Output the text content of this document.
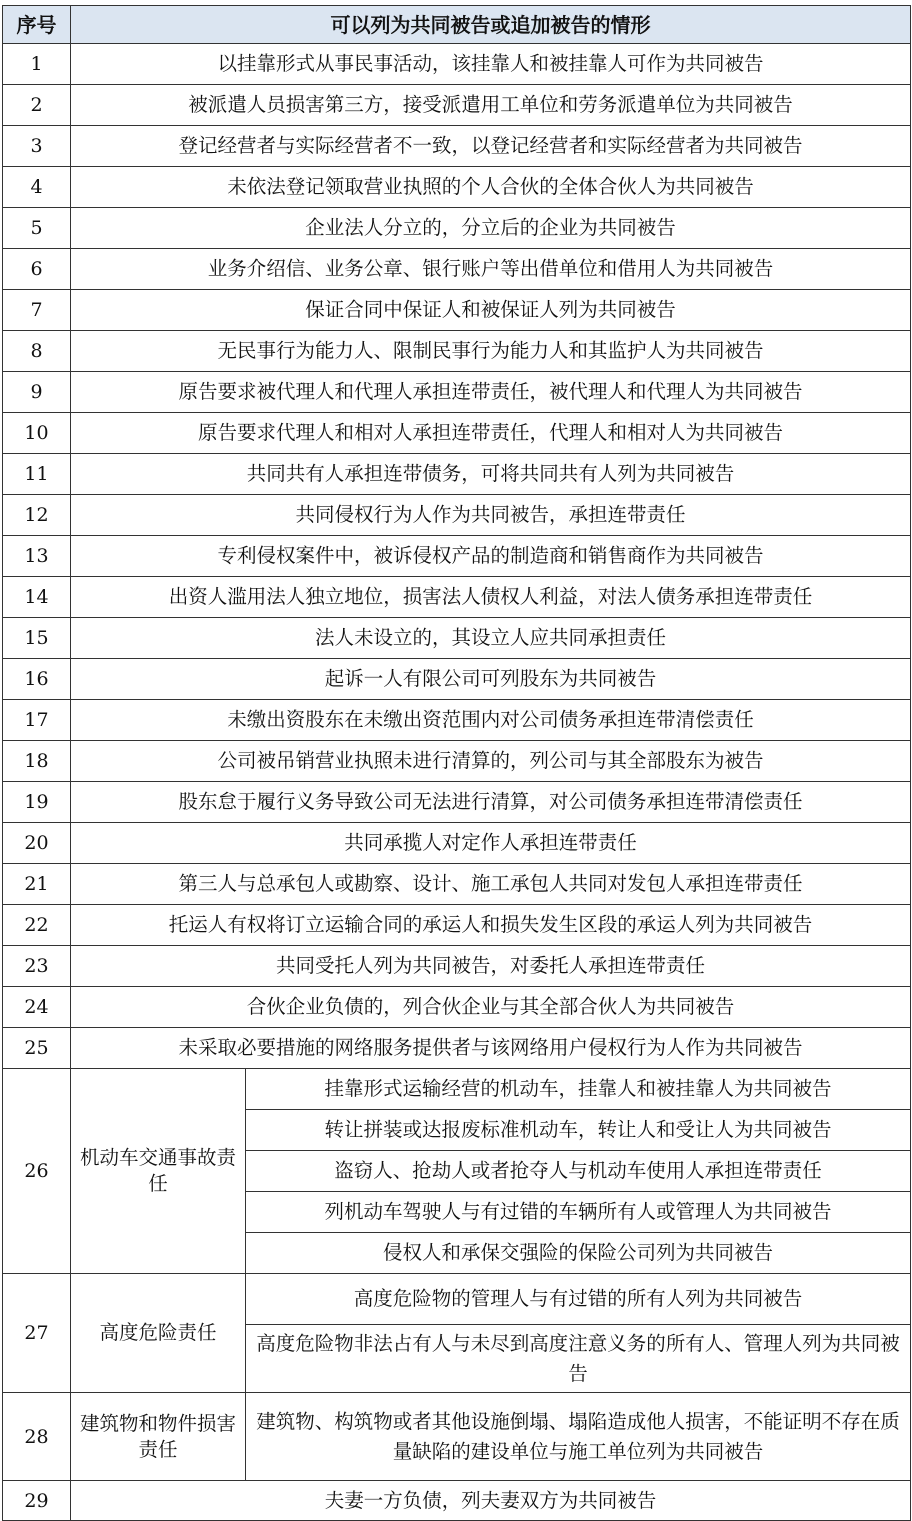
序号	可以列为共同被告或追加被告的情形	
1	以挂靠形式从事民事活动，该挂靠人和被挂靠人可作为共同被告	
2	被派遣人员损害第三方，接受派遣用工单位和劳务派遣单位为共同被告	
3	登记经营者与实际经营者不一致，以登记经营者和实际经营者为共同被告	
4	未依法登记领取营业执照的个人合伙的全体合伙人为共同被告	
5	企业法人分立的，分立后的企业为共同被告	
6	业务介绍信、业务公章、银行账户等出借单位和借用人为共同被告	
7	保证合同中保证人和被保证人列为共同被告	
8	无民事行为能力人、限制民事行为能力人和其监护人为共同被告	
9	原告要求被代理人和代理人承担连带责任，被代理人和代理人为共同被告	
10	原告要求代理人和相对人承担连带责任，代理人和相对人为共同被告	
11	共同共有人承担连带债务，可将共同共有人列为共同被告	
12	共同侵权行为人作为共同被告，承担连带责任	
13	专利侵权案件中，被诉侵权产品的制造商和销售商作为共同被告	
14	出资人滥用法人独立地位，损害法人债权人利益，对法人债务承担连带责任	
15	法人未设立的，其设立人应共同承担责任	
16	起诉一人有限公司可列股东为共同被告	
17	未缴出资股东在未缴出资范围内对公司债务承担连带清偿责任	
18	公司被吊销营业执照未进行清算的，列公司与其全部股东为被告	
19	股东怠于履行义务导致公司无法进行清算，对公司债务承担连带清偿责任	
20	共同承揽人对定作人承担连带责任	
21	第三人与总承包人或勘察、设计、施工承包人共同对发包人承担连带责任	
22	托运人有权将订立运输合同的承运人和损失发生区段的承运人列为共同被告	
23	共同受托人列为共同被告，对委托人承担连带责任	
24	合伙企业负债的，列合伙企业与其全部合伙人为共同被告	
25	未采取必要措施的网络服务提供者与该网络用户侵权行为人作为共同被告	
26	机动车交通事故责任	挂靠形式运输经营的机动车，挂靠人和被挂靠人为共同被告
		转让拼装或达报废标准机动车，转让人和受让人为共同被告
		盗窃人、抢劫人或者抢夺人与机动车使用人承担连带责任
		列机动车驾驶人与有过错的车辆所有人或管理人为共同被告
		侵权人和承保交强险的保险公司列为共同被告
27	高度危险责任	高度危险物的管理人与有过错的所有人列为共同被告
		高度危险物非法占有人与未尽到高度注意义务的所有人、管理人列为共同被告
28	建筑物和物件损害责任	建筑物、构筑物或者其他设施倒塌、塌陷造成他人损害，不能证明不存在质量缺陷的建设单位与施工单位列为共同被告
29	夫妻一方负债，列夫妻双方为共同被告	
